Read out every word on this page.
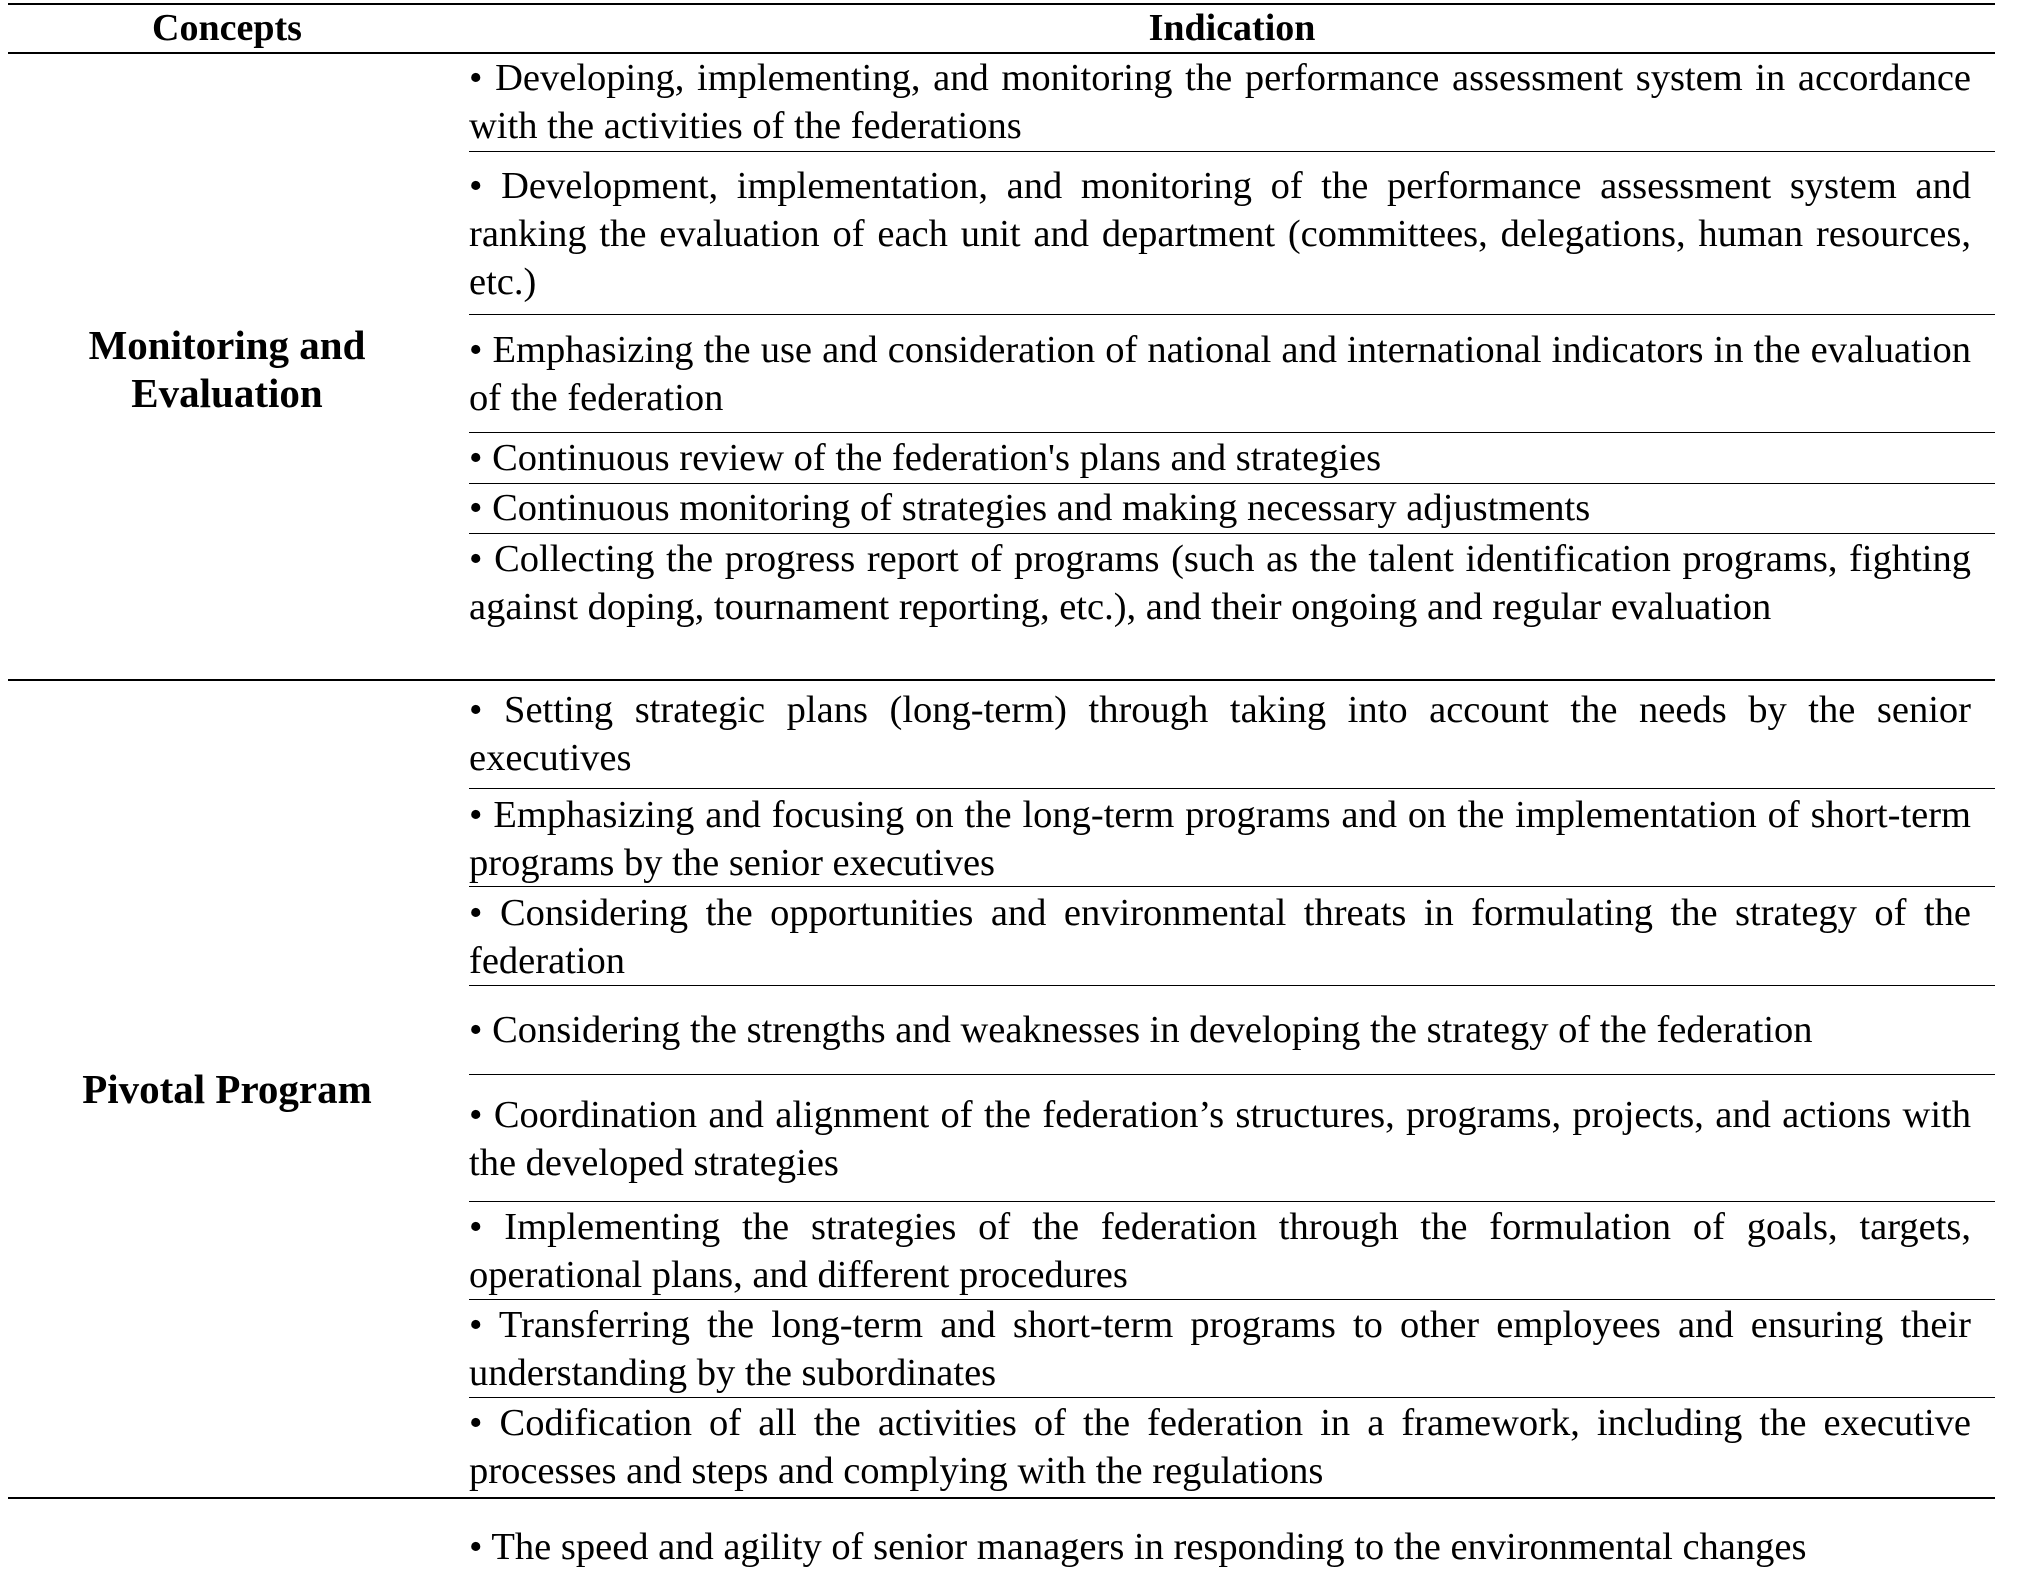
Concepts	Indication
Monitoring and Evaluation
• Developing, implementing, and monitoring the performance assessment system in accordance with the activities of the federations
• Development, implementation, and monitoring of the performance assessment system and ranking the evaluation of each unit and department (committees, delegations, human resources, etc.)
• Emphasizing the use and consideration of national and international indicators in the evaluation of the federation
• Continuous review of the federation's plans and strategies
• Continuous monitoring of strategies and making necessary adjustments
• Collecting the progress report of programs (such as the talent identification programs, fighting against doping, tournament reporting, etc.), and their ongoing and regular evaluation
Pivotal Program
• Setting strategic plans (long-term) through taking into account the needs by the senior executives
• Emphasizing and focusing on the long-term programs and on the implementation of short-term programs by the senior executives
• Considering the opportunities and environmental threats in formulating the strategy of the federation
• Considering the strengths and weaknesses in developing the strategy of the federation
• Coordination and alignment of the federation’s structures, programs, projects, and actions with the developed strategies
• Implementing the strategies of the federation through the formulation of goals, targets, operational plans, and different procedures
• Transferring the long-term and short-term programs to other employees and ensuring their understanding by the subordinates
• Codification of all the activities of the federation in a framework, including the executive processes and steps and complying with the regulations
• The speed and agility of senior managers in responding to the environmental changes
